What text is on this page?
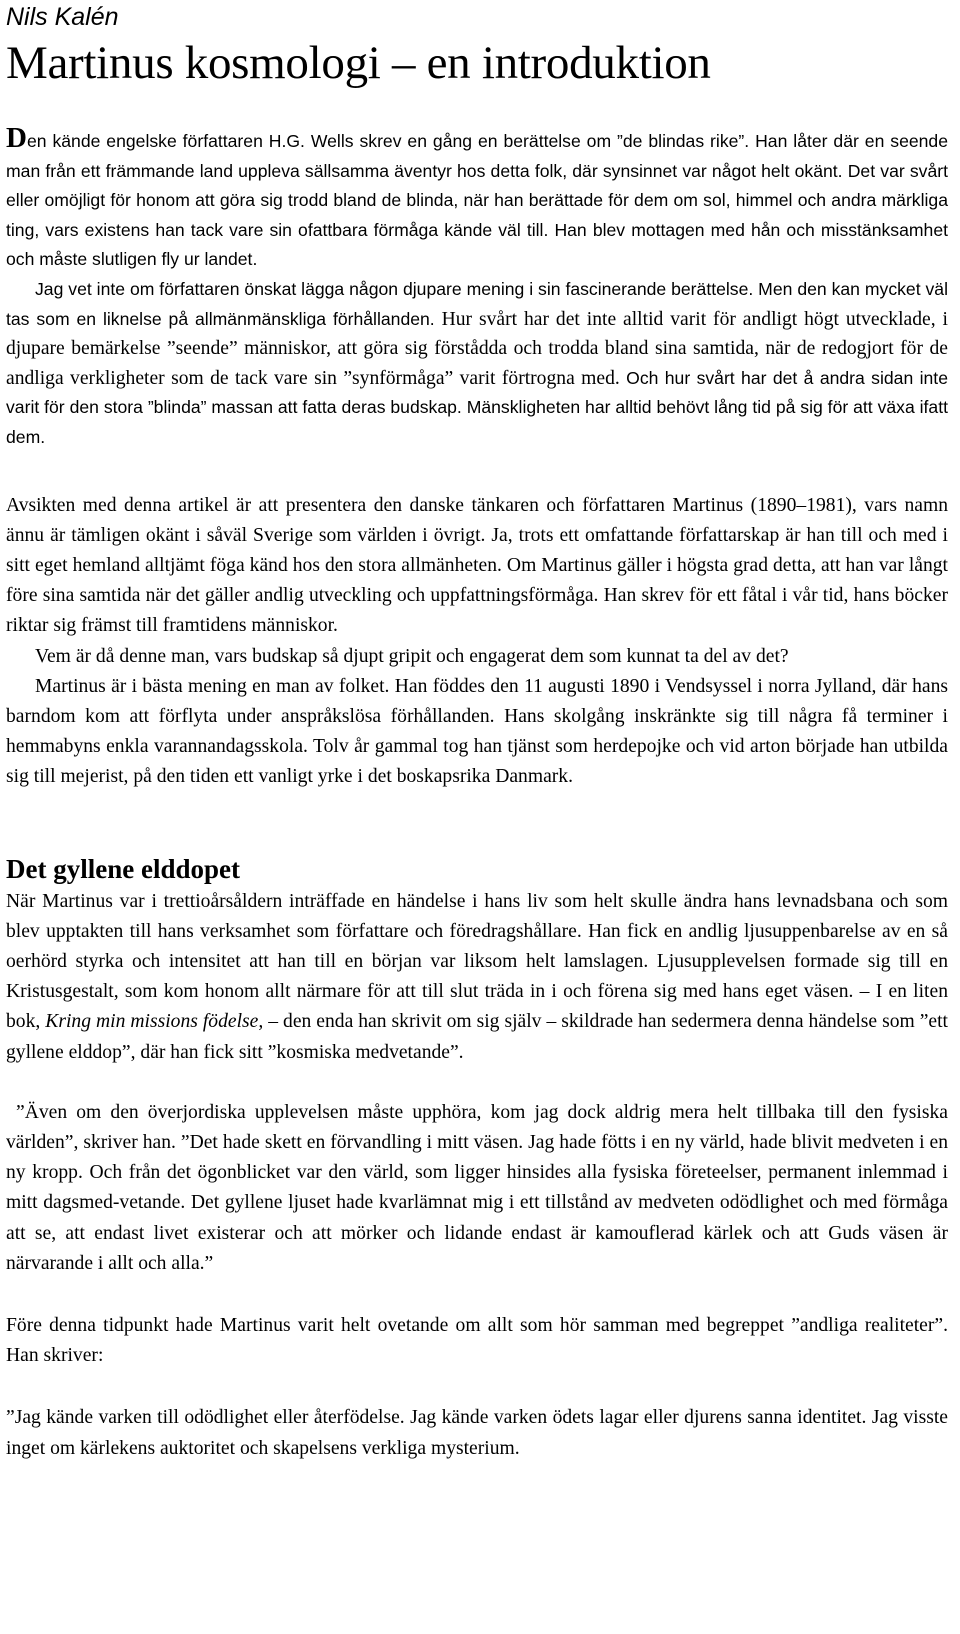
Nils Kalén
Martinus kosmologi – en introduktion

Den kände engelske författaren H.G. Wells skrev en gång en berättelse om ”de blindas rike”. Han låter där en seende man från ett främmande land uppleva sällsamma äventyr hos detta folk, där synsinnet var något helt okänt. Det var svårt eller omöjligt för honom att göra sig trodd bland de blinda, när han berättade för dem om sol, himmel och andra märkliga ting, vars existens han tack vare sin ofattbara förmåga kände väl till. Han blev mottagen med hån och misstänksamhet och måste slutligen fly ur landet.

Jag vet inte om författaren önskat lägga någon djupare mening i sin fascinerande berättelse. Men den kan mycket väl tas som en liknelse på allmänmänskliga förhållanden. Hur svårt har det inte alltid varit för andligt högt utvecklade, i djupare bemärkelse ”seende” människor, att göra sig förstådda och trodda bland sina samtida, när de redogjort för de andliga verkligheter som de tack vare sin ”synförmåga” varit förtrogna med. Och hur svårt har det å andra sidan inte varit för den stora ”blinda” massan att fatta deras budskap. Mänskligheten har alltid behövt lång tid på sig för att växa ifatt dem.

Avsikten med denna artikel är att presentera den danske tänkaren och författaren Martinus (1890–1981), vars namn ännu är tämligen okänt i såväl Sverige som världen i övrigt. Ja, trots ett omfattande författarskap är han till och med i sitt eget hemland alltjämt föga känd hos den stora allmänheten. Om Martinus gäller i högsta grad detta, att han var långt före sina samtida när det gäller andlig utveckling och uppfattningsförmåga. Han skrev för ett fåtal i vår tid, hans böcker riktar sig främst till framtidens människor.

Vem är då denne man, vars budskap så djupt gripit och engagerat dem som kunnat ta del av det?

Martinus är i bästa mening en man av folket. Han föddes den 11 augusti 1890 i Vendsyssel i norra Jylland, där hans barndom kom att förflyta under anspråkslösa förhållanden. Hans skolgång inskränkte sig till några få terminer i hemmabyns enkla varannandagsskola. Tolv år gammal tog han tjänst som herdepojke och vid arton började han utbilda sig till mejerist, på den tiden ett vanligt yrke i det boskapsrika Danmark.

Det gyllene elddopet

När Martinus var i trettioårsåldern inträffade en händelse i hans liv som helt skulle ändra hans levnadsbana och som blev upptakten till hans verksamhet som författare och föredragshållare. Han fick en andlig ljusuppenbarelse av en så oerhörd styrka och intensitet att han till en början var liksom helt lamslagen. Ljusupplevelsen formade sig till en Kristusgestalt, som kom honom allt närmare för att till slut träda in i och förena sig med hans eget väsen. – I en liten bok, Kring min missions födelse, – den enda han skrivit om sig själv – skildrade han sedermera denna händelse som ”ett gyllene elddop”, där han fick sitt ”kosmiska medvetande”.

”Även om den överjordiska upplevelsen måste upphöra, kom jag dock aldrig mera helt tillbaka till den fysiska världen”, skriver han. ”Det hade skett en förvandling i mitt väsen. Jag hade fötts i en ny värld, hade blivit medveten i en ny kropp. Och från det ögonblicket var den värld, som ligger hinsides alla fysiska företeelser, permanent inlemmad i mitt dagsmed-vetande. Det gyllene ljuset hade kvarlämnat mig i ett tillstånd av medveten odödlighet och med förmåga att se, att endast livet existerar och att mörker och lidande endast är kamouflerad kärlek och att Guds väsen är närvarande i allt och alla.”

Före denna tidpunkt hade Martinus varit helt ovetande om allt som hör samman med begreppet ”andliga realiteter”. Han skriver:

”Jag kände varken till odödlighet eller återfödelse. Jag kände varken ödets lagar eller djurens sanna identitet. Jag visste inget om kärlekens auktoritet och skapelsens verkliga mysterium.
